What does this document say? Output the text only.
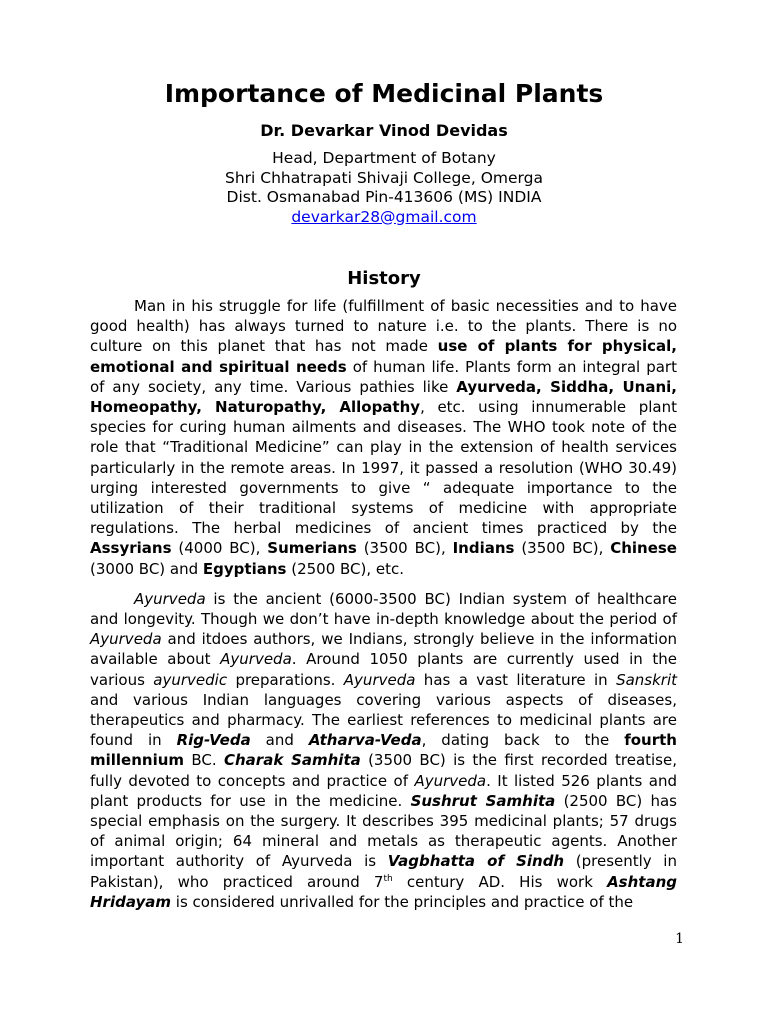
Importance of Medicinal Plants
Dr. Devarkar Vinod Devidas
Head, Department of Botany
Shri Chhatrapati Shivaji College, Omerga
Dist. Osmanabad Pin-413606 (MS) INDIA
devarkar28@gmail.com
History

Man in his struggle for life (fulfillment of basic necessities and to have good health) has always turned to nature i.e. to the plants. There is no culture on this planet that has not made use of plants for physical, emotional and spiritual needs of human life. Plants form an integral part of any society, any time. Various pathies like Ayurveda, Siddha, Unani, Homeopathy, Naturopathy, Allopathy, etc. using innumerable plant species for curing human ailments and diseases. The WHO took note of the role that “Traditional Medicine” can play in the extension of health services particularly in the remote areas. In 1997, it passed a resolution (WHO 30.49) urging interested governments to give “ adequate importance to the utilization of their traditional systems of medicine with appropriate regulations. The herbal medicines of ancient times practiced by the Assyrians (4000 BC), Sumerians (3500 BC), Indians (3500 BC), Chinese (3000 BC) and Egyptians (2500 BC), etc.

Ayurveda is the ancient (6000-3500 BC) Indian system of healthcare and longevity. Though we don’t have in-depth knowledge about the period of Ayurveda and itdoes authors, we Indians, strongly believe in the information available about Ayurveda. Around 1050 plants are currently used in the various ayurvedic preparations. Ayurveda has a vast literature in Sanskrit and various Indian languages covering various aspects of diseases, therapeutics and pharmacy. The earliest references to medicinal plants are found in Rig-Veda and Atharva-Veda, dating back to the fourth millennium BC. Charak Samhita (3500 BC) is the first recorded treatise, fully devoted to concepts and practice of Ayurveda. It listed 526 plants and plant products for use in the medicine. Sushrut Samhita (2500 BC) has special emphasis on the surgery. It describes 395 medicinal plants; 57 drugs of animal origin; 64 mineral and metals as therapeutic agents. Another important authority of Ayurveda is Vagbhatta of Sindh (presently in Pakistan), who practiced around 7th century AD. His work Ashtang Hridayam is considered unrivalled for the principles and practice of the

1
